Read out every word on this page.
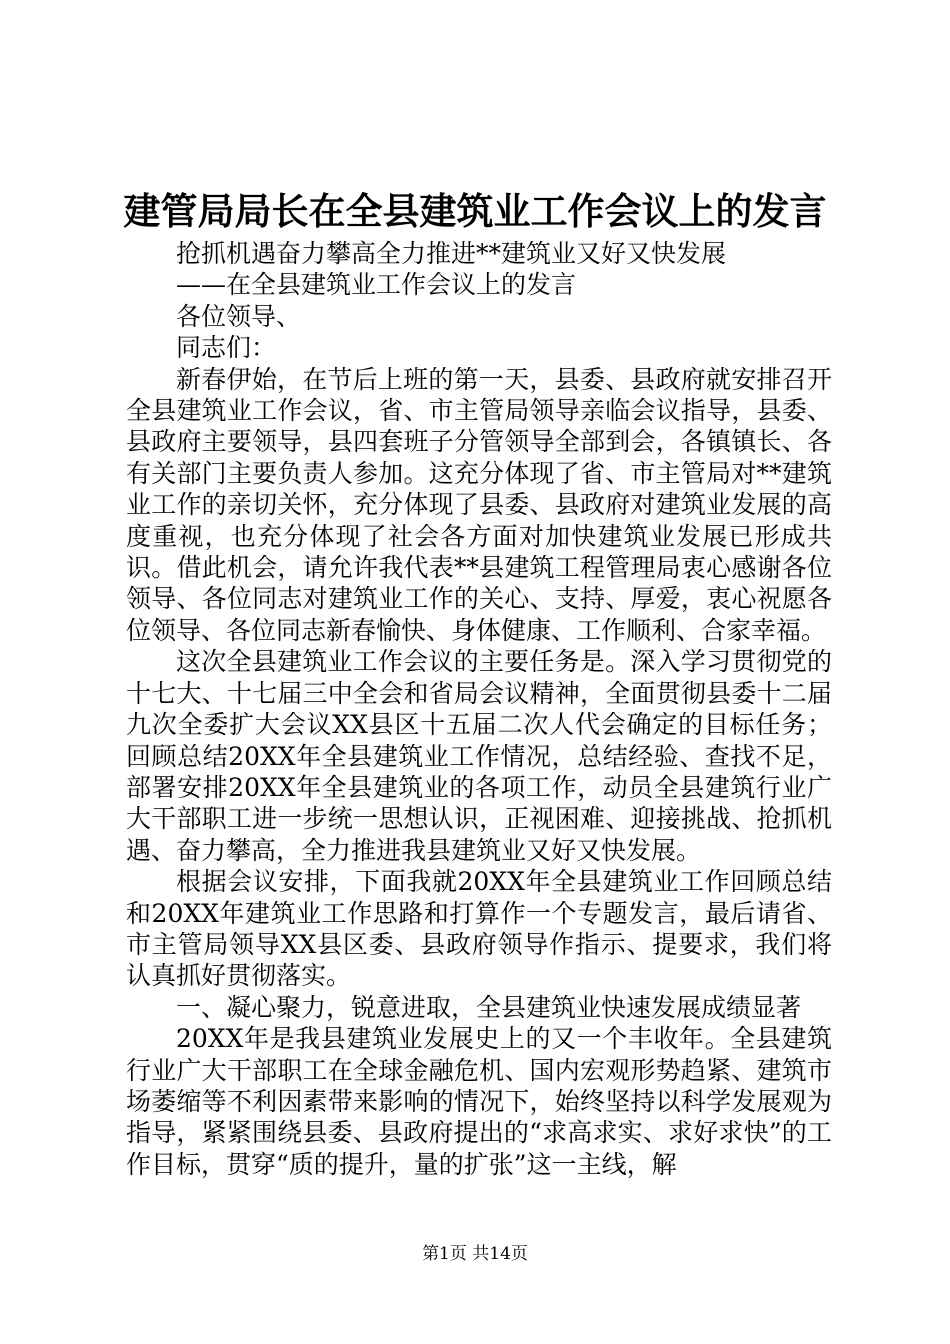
建管局局长在全县建筑业工作会议上的发言

抢抓机遇奋力攀高全力推进**建筑业又好又快发展

——在全县建筑业工作会议上的发言

各位领导、

同志们：

新春伊始，在节后上班的第一天，县委、县政府就安排召开全县建筑业工作会议，省、市主管局领导亲临会议指导，县委、县政府主要领导，县四套班子分管领导全部到会，各镇镇长、各有关部门主要负责人参加。这充分体现了省、市主管局对**建筑业工作的亲切关怀，充分体现了县委、县政府对建筑业发展的高度重视，也充分体现了社会各方面对加快建筑业发展已形成共识。借此机会，请允许我代表**县建筑工程管理局衷心感谢各位领导、各位同志对建筑业工作的关心、支持、厚爱，衷心祝愿各位领导、各位同志新春愉快、身体健康、工作顺利、合家幸福。

这次全县建筑业工作会议的主要任务是。深入学习贯彻党的十七大、十七届三中全会和省局会议精神，全面贯彻县委十二届九次全委扩大会议XX县区十五届二次人代会确定的目标任务；回顾总结20XX年全县建筑业工作情况，总结经验、查找不足，部署安排20XX年全县建筑业的各项工作，动员全县建筑行业广大干部职工进一步统一思想认识，正视困难、迎接挑战、抢抓机遇、奋力攀高，全力推进我县建筑业又好又快发展。

根据会议安排，下面我就20XX年全县建筑业工作回顾总结和20XX年建筑业工作思路和打算作一个专题发言，最后请省、市主管局领导XX县区委、县政府领导作指示、提要求，我们将认真抓好贯彻落实。

一、凝心聚力，锐意进取，全县建筑业快速发展成绩显著

20XX年是我县建筑业发展史上的又一个丰收年。全县建筑行业广大干部职工在全球金融危机、国内宏观形势趋紧、建筑市场萎缩等不利因素带来影响的情况下，始终坚持以科学发展观为指导，紧紧围绕县委、县政府提出的“求高求实、求好求快”的工作目标，贯穿“质的提升，量的扩张”这一主线，解

第1页 共14页
